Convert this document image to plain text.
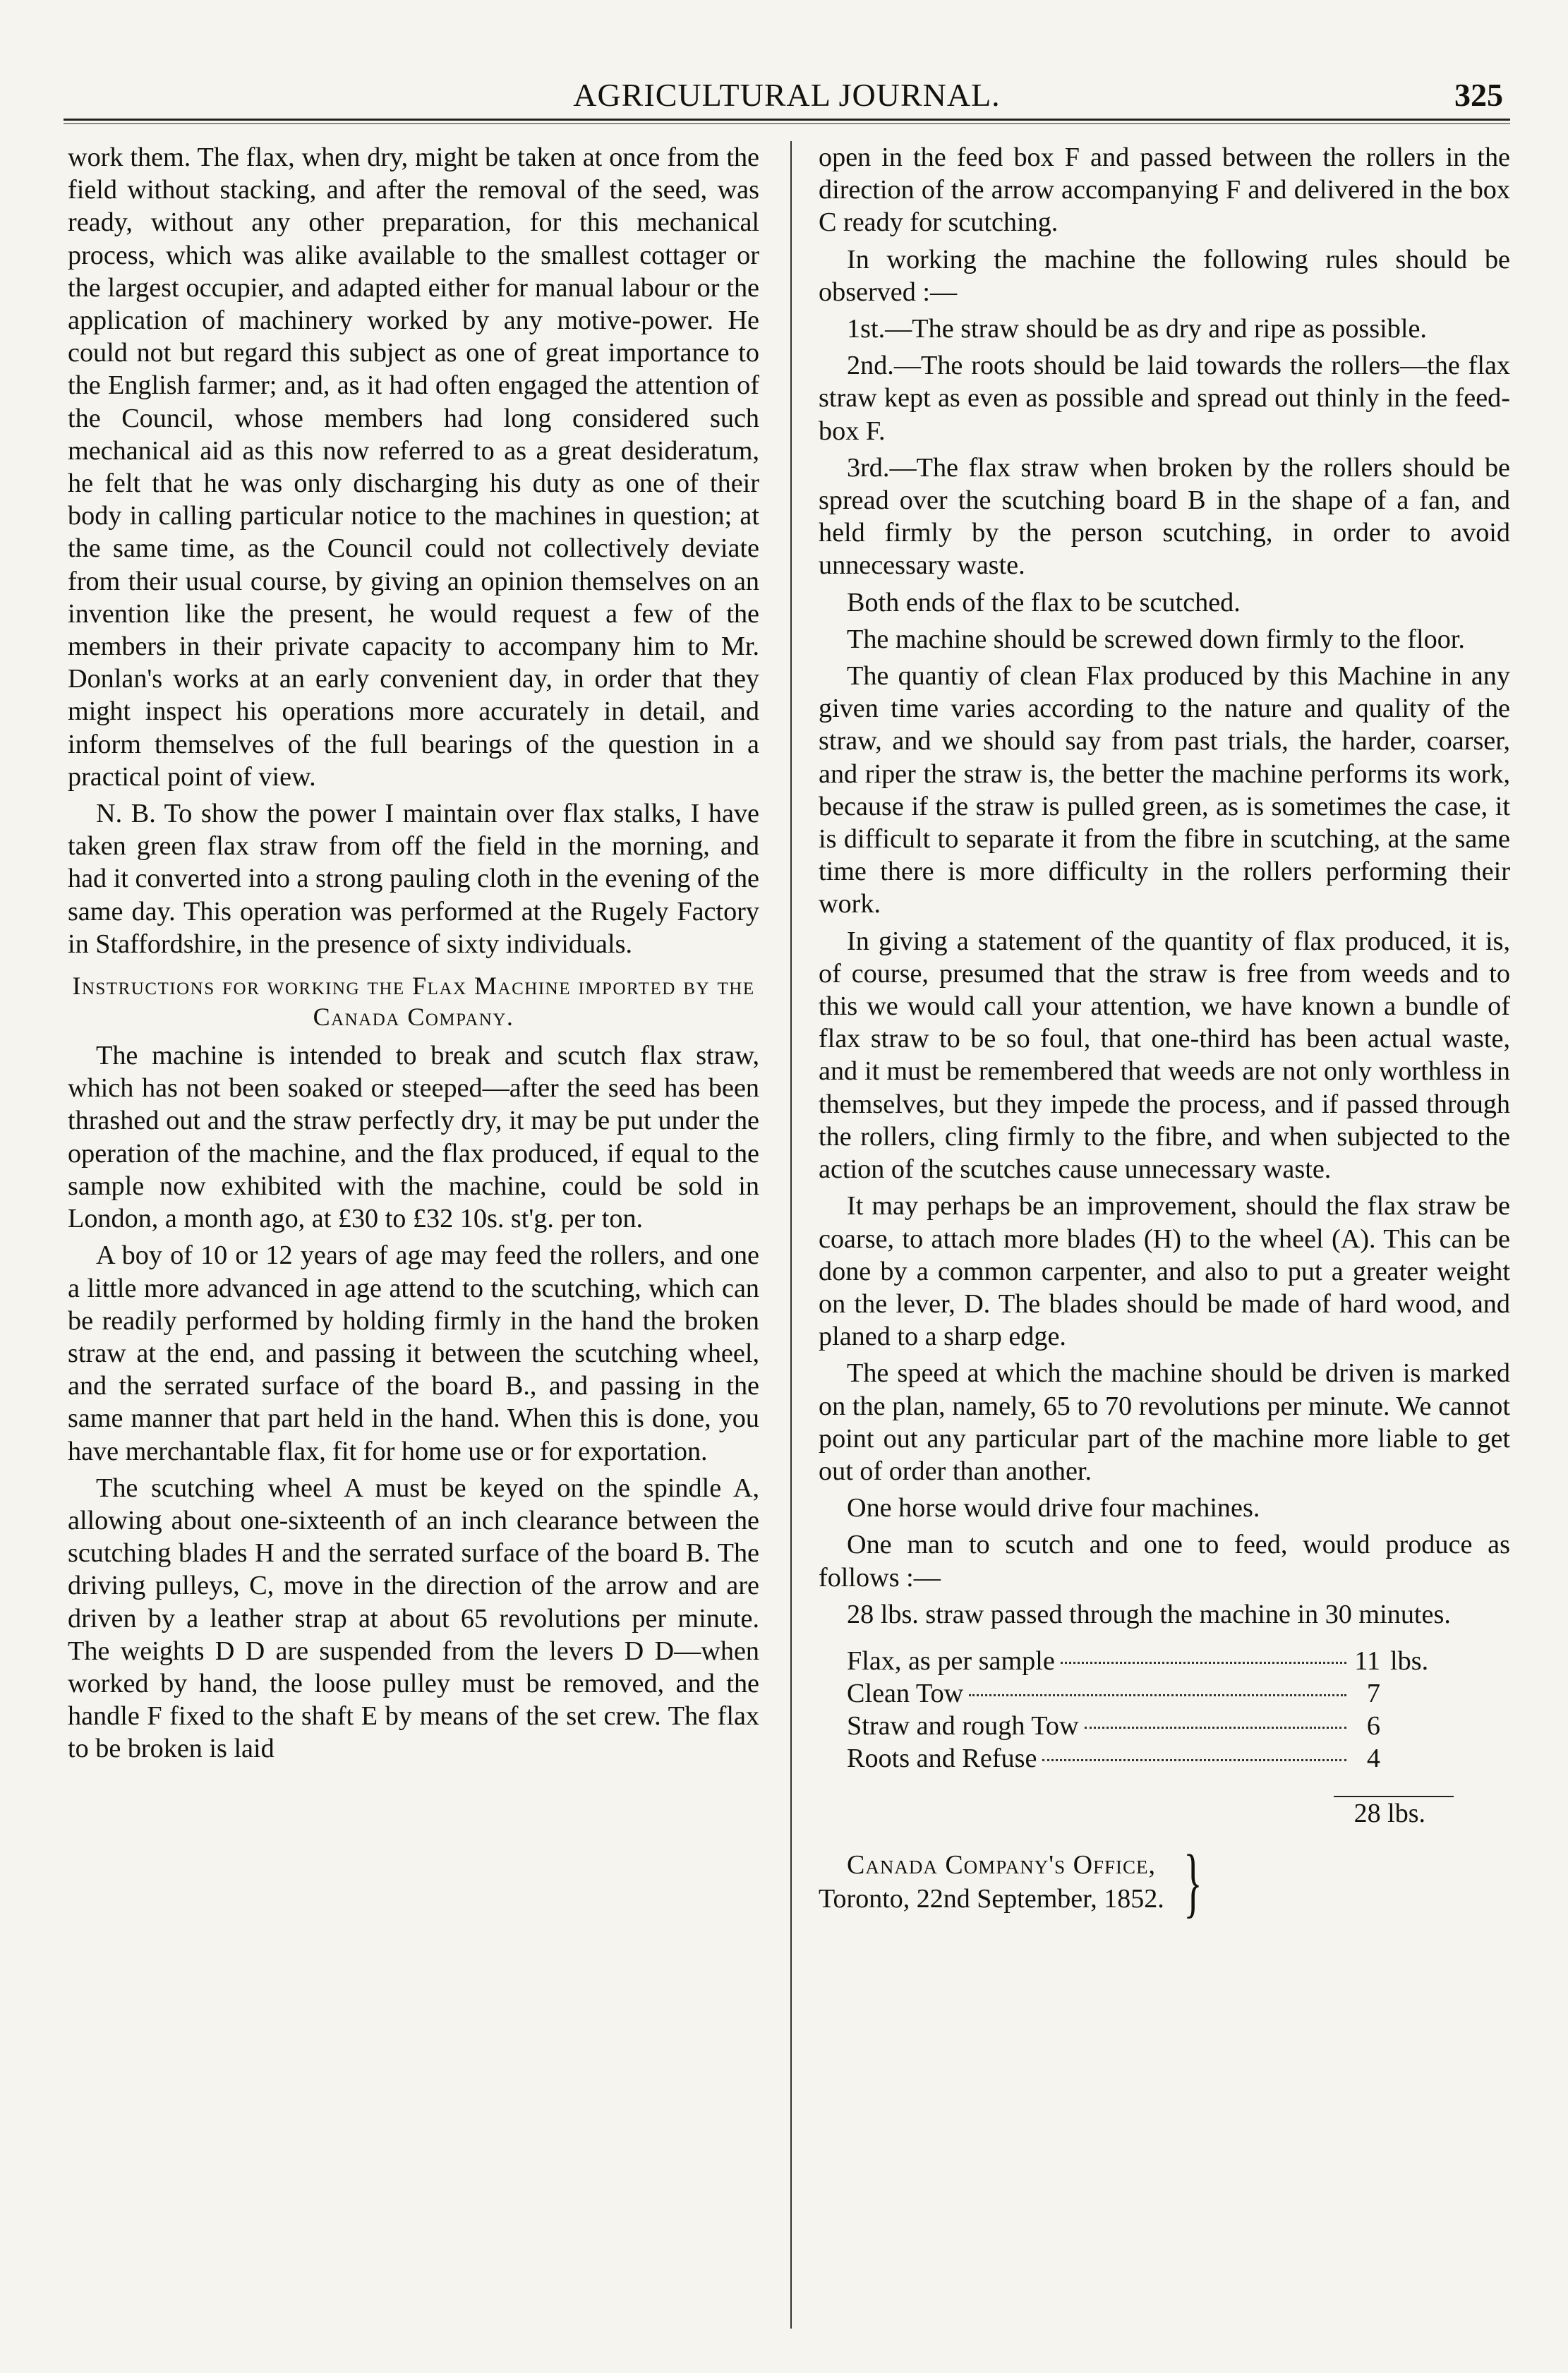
AGRICULTURAL JOURNAL.	325

work them. The flax, when dry, might be taken at once from the field without stacking, and after the removal of the seed, was ready, without any other preparation, for this mechanical process, which was alike available to the smallest cottager or the largest occupier, and adapted either for manual labour or the application of machinery worked by any motive-power. He could not but regard this subject as one of great importance to the English farmer; and, as it had often engaged the attention of the Council, whose members had long considered such mechanical aid as this now referred to as a great desideratum, he felt that he was only discharging his duty as one of their body in calling particular notice to the machines in question; at the same time, as the Council could not collectively deviate from their usual course, by giving an opinion themselves on an invention like the present, he would request a few of the members in their private capacity to accompany him to Mr. Donlan's works at an early convenient day, in order that they might inspect his operations more accurately in detail, and inform themselves of the full bearings of the question in a practical point of view.

N. B. To show the power I maintain over flax stalks, I have taken green flax straw from off the field in the morning, and had it converted into a strong pauling cloth in the evening of the same day. This operation was performed at the Rugely Factory in Staffordshire, in the presence of sixty individuals.

Instructions for working the Flax Machine imported by the Canada Company.

The machine is intended to break and scutch flax straw, which has not been soaked or steeped—after the seed has been thrashed out and the straw perfectly dry, it may be put under the operation of the machine, and the flax produced, if equal to the sample now exhibited with the machine, could be sold in London, a month ago, at £30 to £32 10s. st'g. per ton.

A boy of 10 or 12 years of age may feed the rollers, and one a little more advanced in age attend to the scutching, which can be readily performed by holding firmly in the hand the broken straw at the end, and passing it between the scutching wheel, and the serrated surface of the board B., and passing in the same manner that part held in the hand. When this is done, you have merchantable flax, fit for home use or for exportation.

The scutching wheel A must be keyed on the spindle A, allowing about one-sixteenth of an inch clearance between the scutching blades H and the serrated surface of the board B. The driving pulleys, C, move in the direction of the arrow and are driven by a leather strap at about 65 revolutions per minute. The weights D D are suspended from the levers D D—when worked by hand, the loose pulley must be removed, and the handle F fixed to the shaft E by means of the set crew. The flax to be broken is laid

open in the feed box F and passed between the rollers in the direction of the arrow accompanying F and delivered in the box C ready for scutching.

In working the machine the following rules should be observed :—

1st.—The straw should be as dry and ripe as possible.

2nd.—The roots should be laid towards the rollers—the flax straw kept as even as possible and spread out thinly in the feed-box F.

3rd.—The flax straw when broken by the rollers should be spread over the scutching board B in the shape of a fan, and held firmly by the person scutching, in order to avoid unnecessary waste.

Both ends of the flax to be scutched.

The machine should be screwed down firmly to the floor.

The quantiy of clean Flax produced by this Machine in any given time varies according to the nature and quality of the straw, and we should say from past trials, the harder, coarser, and riper the straw is, the better the machine performs its work, because if the straw is pulled green, as is sometimes the case, it is difficult to separate it from the fibre in scutching, at the same time there is more difficulty in the rollers performing their work.

In giving a statement of the quantity of flax produced, it is, of course, presumed that the straw is free from weeds and to this we would call your attention, we have known a bundle of flax straw to be so foul, that one-third has been actual waste, and it must be remembered that weeds are not only worthless in themselves, but they impede the process, and if passed through the rollers, cling firmly to the fibre, and when subjected to the action of the scutches cause unnecessary waste.

It may perhaps be an improvement, should the flax straw be coarse, to attach more blades (H) to the wheel (A). This can be done by a common carpenter, and also to put a greater weight on the lever, D. The blades should be made of hard wood, and planed to a sharp edge.

The speed at which the machine should be driven is marked on the plan, namely, 65 to 70 revolutions per minute. We cannot point out any particular part of the machine more liable to get out of order than another.

One horse would drive four machines.

One man to scutch and one to feed, would produce as follows :—

28 lbs. straw passed through the machine in 30 minutes.

Flax, as per sample	11 lbs.
Clean Tow	7
Straw and rough Tow	6
Roots and Refuse	4
28 lbs.
Canada Company's Office,
Toronto, 22nd September, 1852. }
